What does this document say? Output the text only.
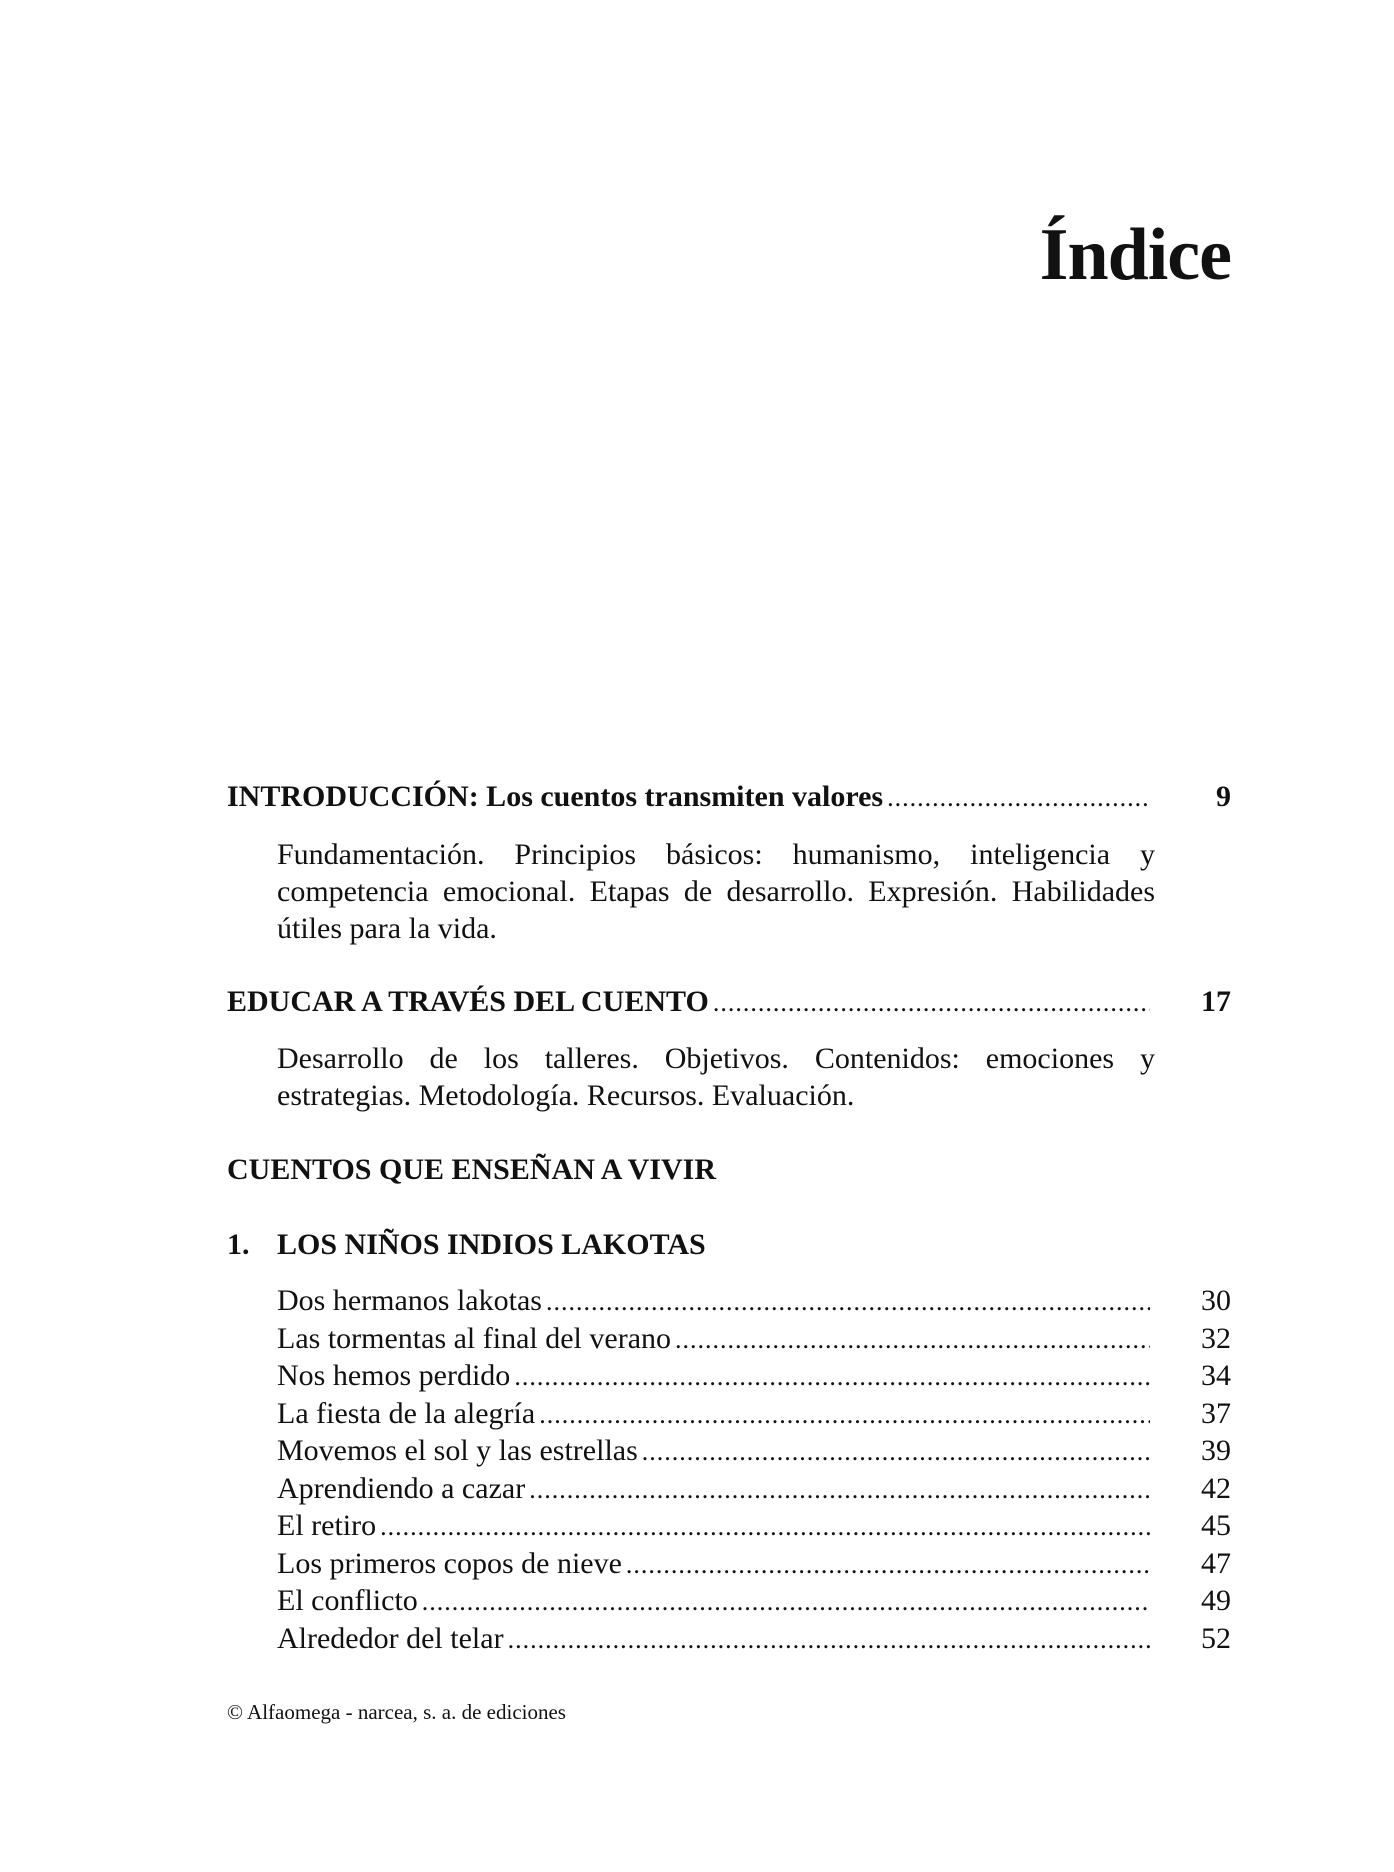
Índice
INTRODUCCIÓN: Los cuentos transmiten valores .....	9
Fundamentación. Principios básicos: humanismo, inteligencia y competencia emocional. Etapas de desarrollo. Expresión. Habilidades útiles para la vida.
EDUCAR A TRAVÉS DEL CUENTO .....	17
Desarrollo de los talleres. Objetivos. Contenidos: emociones y estrategias. Metodología. Recursos. Evaluación.
CUENTOS QUE ENSEÑAN A VIVIR
1. LOS NIÑOS INDIOS LAKOTAS
Dos hermanos lakotas .....	30
Las tormentas al final del verano .....	32
Nos hemos perdido .....	34
La fiesta de la alegría .....	37
Movemos el sol y las estrellas .....	39
Aprendiendo a cazar .....	42
El retiro .....	45
Los primeros copos de nieve .....	47
El conflicto .....	49
Alrededor del telar .....	52
© Alfaomega - narcea, s. a. de ediciones
